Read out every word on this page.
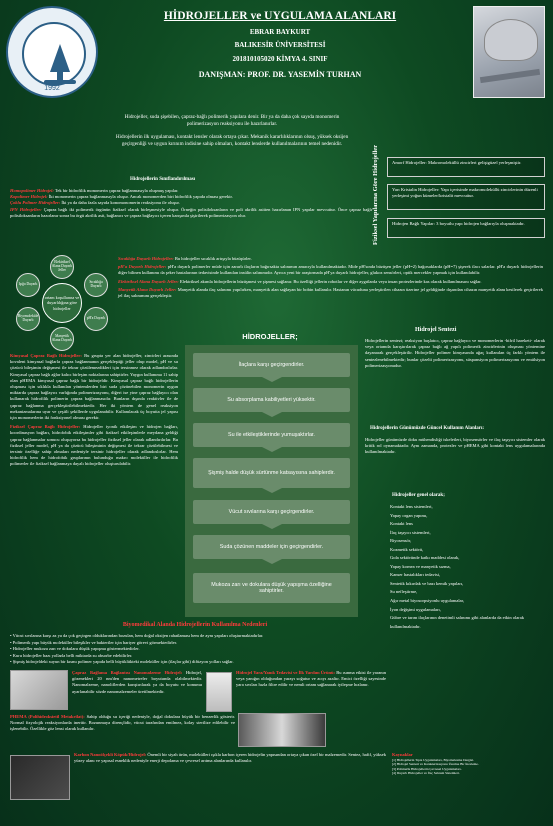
1992
HİDROJELLER ve UYGULAMA ALANLARI
EBRAR BAYKURT
BALIKESİR ÜNİVERSİTESİ
201810105020 KİMYA 4. SINIF
DANIŞMAN: PROF. DR. YASEMİN TURHAN
Hidrojeller, suda şişebilen, çapraz-bağlı polimerik yapılara denir. Bir ya da daha çok sayıda monomerin polimerizasyon reaksiyonu ile hazırlanırlar.
Hidrojellerin ilk uygulaması, kontakt lensler olarak ortaya çıkar. Mekanik kararlılıklarının olsuş, yüksek oksijen geçirgenliği ve uygun kırınım indisine sahip olmaları, kontakt lenslerde kullanılmalarının temel nedenidir.
Fiziksel Yapılarına Göre Hidrojeller	Amorf Hidrojeller: Makromoleküllü zincirleri gelişigüzel yerleşmiştir.
Yarı Kristalin Hidrojeller: Yapı içerisinde makromoleküllü zincirlerinin düzenli yerleşimi yoğun kümeler/kristalit mevcuttur.
Hidrojen Bağlı Yapılar: 3 boyutlu yapı hidrojen bağlarıyla oluşmaktadır.
Hidrojellerin Sınıflandırılması
Homopolimer Hidrojel: Tek bir hidrofilik monomerin çapraz bağlanmasıyla oluşmuş yapılar.
Kopolimer Hidrojel: İki monomerin çapraz bağlanmasıyla oluşur. Ancak monomerden biri hidrofilik yapıda olması gerekir.
Çoklu Polimer Hidrojeller: İki ya da daha fazla sayıda konomonomerin reaksiyonu ile oluşur.
IPN Hidrojeller: Çapraz bağlı iki polimerik örgünün fiziksel olarak birleşmesiyle oluşur. Örneğin polisiloksanların ve poli akrilik asitten hazırlanan IPN yapılar mevcuttur. Önce çapraz bağlı polisiloksanların hazırlanır sonra bu örgü akrilik asit, bağlanıcı ve çapraz bağlayıcı içeren karışımla şişirilerek polimerizasyon olur.
ortam koşullarına ve duyarlılığına göre hidrojeller
Elektriksel Alana Duyarlı Jeller
Sıcaklığa Duyarlı
pH'a Duyarlı
Manyetik Alana Duyarlı
Biyomoleküle Duyarlı
Işığa Duyarlı
Sıcaklığa Duyarlı Hidrojeller: Bu hidrojeller sıcaklık artışıyla büzüşürler.
pH'a Duyarlı Hidrojeller: pH'a duyarlı polimerler müde için zararlı ilaçların bağırsakta salınımın amacıyla kullanılmaktadır. Mide pH'sında büzüşen jeller (pH=2) bağırsaklarda (pH=7) şişerek ilacı salarlar. pH'a duyarlı hidrojellerin diğer bilinen kullanımı da şeker hastalarının tedavisinde kullanılan insülin salınımıdır. Ayrıca yeni bir araştırmada pH'ya duyarlı hidrojeller, glukoz sensörleri, optik mercekler yapmak için kullanılabilir.
Elektriksel Alana Duyarlı Jeller: Elektriksel akımla hidrojellerin büzüşmesi ve şişmesi sağlanır. Bu özelliği jellerin robotlar ve diğer aygıtlarda veya insan protezlerinde kas olarak kullanılmasını sağlar.
Manyetik Alana Duyarlı Jeller: Manyetik alanda ilaç salınımı yapılırken, manyetik alan sağlayan bir bobin kullanılır. Hastanın vücuduna yerleştirilen cihazın üzerine jel geldiğinde dışarıdan cihazın manyetik alanı kesilerek geçirilerek jel ilaç salınımını gerçekleştir.
Kimyasal Çapraz Bağlı Hidrojeller: Bu grupta yer alan hidrojeller, zincirleri arasında kovalent kimyasal bağlarla çapraz bağlanmanın gerçekleştiği jeller olup model, pH ve su çözücü bileşimin değişmesi ile tekrar çözülemezdikleri için tersinmez olarak adlandırılırlar. Kimyasal çapraz bağlı ağlar kalıcı birleşim noktalarına sahiptirler. Yaygın kullanıma 11 sahip olan pHEMA kimyasal çapraz bağlı bir hidrojeldir. Kimyasal çapraz bağlı hidrojellerin oluşması için sıklıkla kullanılan yöntemlerden biri suda çözünebilen monomerin uygun miktarda çapraz bağlayıcı varlığında polimerizasyonu, diğeri ise yine çapraz bağlayıcı olan kullanarak hidrofilik polimerin çapraz bağlanmasıdır. Bunların dışında reaktivler ile de çapraz bağlanma gerçekleştirilebilmektedir. Her iki yöntem de genel reaksiyon mekanizmalarına uyar ve çeşitli şekillerde uygulanabilir. Kullanılacak üç boyutta jel yapısı için monomerlerin iki fonksiyonel olması gerekir.
Fiziksel Çapraz Bağlı Hidrojeller: Hidrojeller iyonik etkileşim ve hidrojen bağları, koordinasyon bağları, hidrofobik etkileşimler gibi fiziksel etkileşimlerle meydana geldiği çapraz bağlanmalar sonucu oluşuyorsa bu hidrojeller fiziksel jeller olarak adlandırılırlar. Bu fiziksel jeller model, pH ya da çözücü bileşiminin değişmesi ile tekrar çözülebilmesi ve tersinir özelliğe sahip olmaları nedeniyle tersinir hidrojeller olarak adlandırılırlar. Hem hidrofilik hem de hidrofobik gruplarının bulunduğu makro moleküller ile hidrofilik polimerler ile fiziksel bağlanmaya dayalı hidrojeller oluşturulabilir.
HİDROJELLER;
İlaçlara karşı geçirgendirler.
Su absorplama kabiliyetleri yüksektir.
Su ile etkileştiklerinde yumuşaktırlar.
Şişmiş halde düşük sürtünme katsayısına sahiplerdir.
Vücut sıvılarına karşı geçirgendirler.
Suda çözünen maddeler için geçirgendirler.
Mukoza zarı ve dokulara düşük yapışma özelliğine sahiptirler.
Hidrojel Sentezi
Hidrojellerin sentezi; reaksiyon başlatıcı, çapraz bağlayıcı ve monomerlerin -bifril hareketi- olarak veya ortamda karıştırılarak çapraz bağlı ağ yapılı polimerik zincirlerinin oluşması yöntemine dayanarak gerçekleştirilir. Hidrojeller polimer kimyasında ağaç kullanılan üç farklı yöntem ile sentezlenebilmektedir; bunlar çözelti polimerizasyonu, süspansiyon polimerizasyonu ve emülsiyon polimerizasyonudur.
Hidrojellerin Günümüzde Güncel Kullanım Alanları:
Hidrojeller günümüzde doku mühendisliği iskeletleri, biyosensörler ve ilaç taşıyıcı sistemler olarak kritik rol oynamaktadır. Aynı zamanda, protezler ve pHEMA gibi kontakt lens uygulamalarında kullanılmaktadır.
Hidrojeller genel olarak;
Kontakt lens sistemleri,
Yapay organ yapımı,
Kontakt lens
İlaç taşıyıcı sistemleri,
Biyosensör,
Kozmetik sektörü,
Gıda sektöründe katkı maddesi olarak,
Yapay kornea ve manyetik sızma,
Kanser hastalıkları tedavisi,
Sentetik kıkırdak ve bazı kemik yapıları,
Su nefleştirme,
Ağır metal biyosorpsiyonlu uygulamalar,
İyon değişimi uygulamaları,
Gübre ve tarım ilaçlarının denetimli salınımı gibi alanlarda da etkin olarak kullanılmaktadır.
Biyomedikal Alanda Hidrojellerin Kullanılma Nedenleri
• Vücut sıvılarına karşı az ya da çok geçirgen olduklarından bozulan, hem doğal oksijen rahatlaması hem de aynı yapıları oluşturmaktadırlar.
• Polimerik yapı büyük moleküller bileşikler ve bakteriler için bariyer görevi görmektedirler.
• Hidrojeller mukoza zarı ve dokulara düşük yapışma göstermektedirler.
• Kuru hidrojeller bazı yollarla belli miktarda su absorbe edebilirler.
• Şişmiş hidrojeldeki suyun bir kısmı polimer yapıda belli büyüklükteki moleküller için (ilaçlar gibi) difüzyon yolları sağlar.
Çapraz Bağlama Bağlantısı Nanomalzeme Hidrojel: Hidrojel, gözenekleri 20 nm'den nanometreler boyutunda olabilmektedir. Nanomalzeme, nanoliflerden karıştırılarak ya da boyutu ve konumu ayarlanabilir sözde nanomalzemeler üretilmektedir.
Hidrojel Yara/Yanık Tedavisi ve İlk Yardım Ürünü: Bu ısınma etkisi ile yaranın veya yanığın olduğundan yarayı soğutur ve acıyı azaltır. Emici özelliği sayesinde yara sıvıları hızla filtre edilir ve nemli ortam sağlanarak iyileşme hızlanır.
PHEMA (Polihidroksietil Metakrilat): Sahip olduğu su içeriği nedeniyle, doğal dokulara büyük bir benzerlik gösterir. Normal fizyolojik reaksiyonlarda inerttir. Bozunmaya dirençlidir, vücut tarafından emilmez, kolay sterilize edilebilir ve işlenebilir. Özellikle göz lensi olarak kullanılır.
Karbon Nanoölçekli Köpük/Hidrojel: Önemli bir siyah ürün, molekülleri ışıkla karbon içeren hidrojelin yapısından ortaya çıkan özel bir malzemedir. Sentez, hafif, yüksek yüzey alanı ve yapısal esneklik nedeniyle enerji depolama ve çevresel arıtma alanlarında kullanılır.
Kaynaklar
[1] Hidrojellerin Tıpta Uygulamaları, Biyomalzeme Dergisi.
[2] Hidrojel Sentezi ve Karakterizasyonu Üzerine Bir İnceleme.
[3] Polimerik Hidrojellerin Çevresel Uygulamaları.
[4] Duyarlı Hidrojeller ve İlaç Salınım Sistemleri.
